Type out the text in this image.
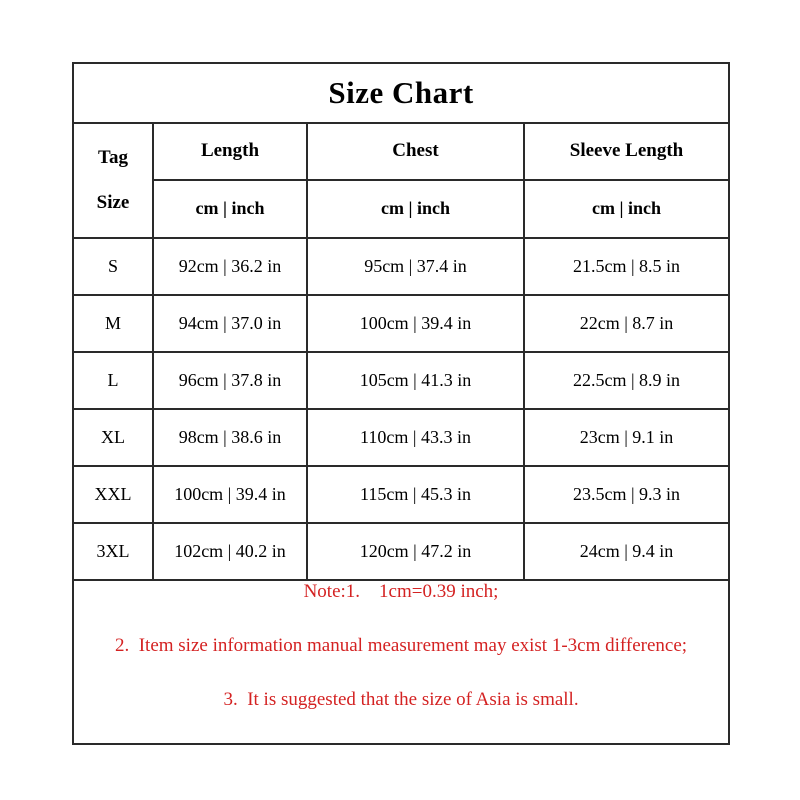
Size Chart			

Tag
Size	Length	Chest	Sleeve Length
	cm | inch	cm | inch	cm | inch
S	92cm | 36.2 in	95cm | 37.4 in	21.5cm | 8.5 in
M	94cm | 37.0 in	100cm | 39.4 in	22cm | 8.7 in
L	96cm | 37.8 in	105cm | 41.3 in	22.5cm | 8.9 in
XL	98cm | 38.6 in	110cm | 43.3 in	23cm | 9.1 in
XXL	100cm | 39.4 in	115cm | 45.3 in	23.5cm | 9.3 in
3XL	102cm | 40.2 in	120cm | 47.2 in	24cm | 9.4 in

Note:1.    1cm=0.39 inch;
2.  Item size information manual measurement may exist 1-3cm difference;
3.  It is suggested that the size of Asia is small.			
